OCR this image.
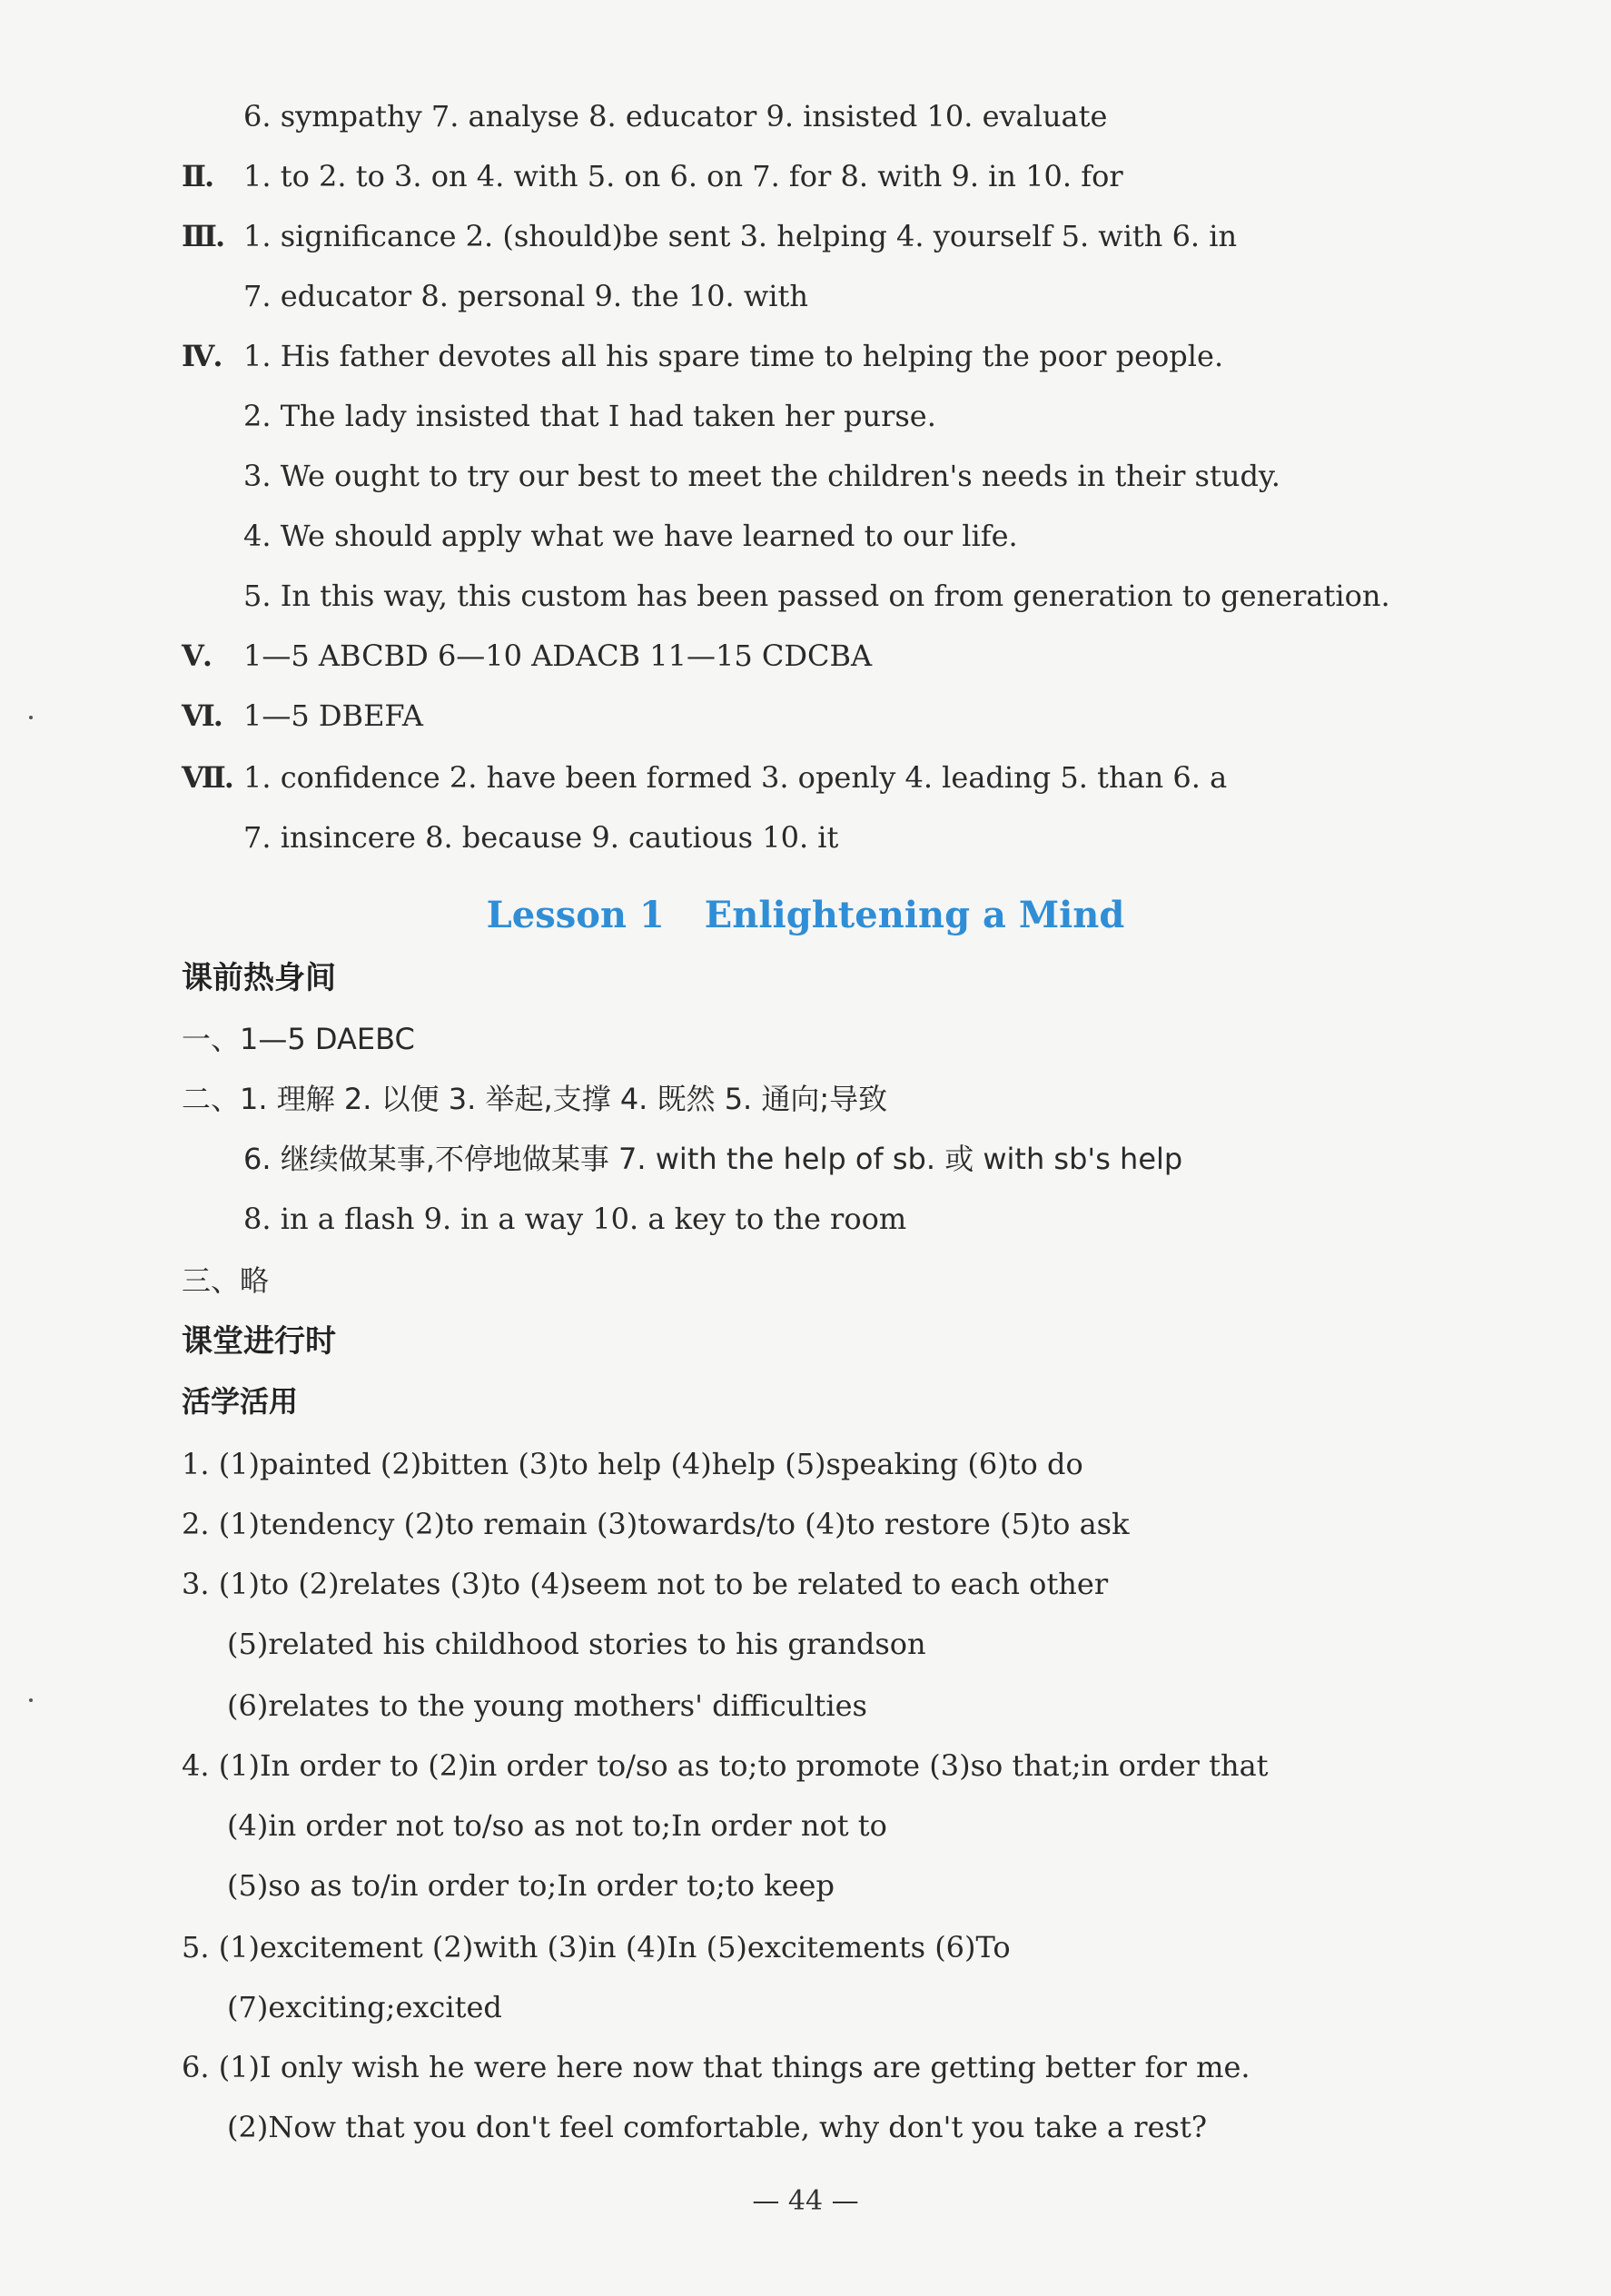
6. sympathy 7. analyse 8. educator 9. insisted 10. evaluate
Ⅱ. 1. to 2. to 3. on 4. with 5. on 6. on 7. for 8. with 9. in 10. for
Ⅲ. 1. significance 2. (should)be sent 3. helping 4. yourself 5. with 6. in
7. educator 8. personal 9. the 10. with
Ⅳ. 1. His father devotes all his spare time to helping the poor people.
2. The lady insisted that I had taken her purse.
3. We ought to try our best to meet the children's needs in their study.
4. We should apply what we have learned to our life.
5. In this way, this custom has been passed on from generation to generation.
Ⅴ. 1—5 ABCBD 6—10 ADACB 11—15 CDCBA
Ⅵ. 1—5 DBEFA
Ⅶ. 1. confidence 2. have been formed 3. openly 4. leading 5. than 6. a
7. insincere 8. because 9. cautious 10. it
Lesson 1 Enlightening a Mind
课前热身间
一、1—5 DAEBC
二、1. 理解 2. 以便 3. 举起,支撑 4. 既然 5. 通向;导致
6. 继续做某事,不停地做某事 7. with the help of sb. 或 with sb's help
8. in a flash 9. in a way 10. a key to the room
三、略
课堂进行时
活学活用
1. (1)painted (2)bitten (3)to help (4)help (5)speaking (6)to do
2. (1)tendency (2)to remain (3)towards/to (4)to restore (5)to ask
3. (1)to (2)relates (3)to (4)seem not to be related to each other
(5)related his childhood stories to his grandson
(6)relates to the young mothers' difficulties
4. (1)In order to (2)in order to/so as to;to promote (3)so that;in order that
(4)in order not to/so as not to;In order not to
(5)so as to/in order to;In order to;to keep
5. (1)excitement (2)with (3)in (4)In (5)excitements (6)To
(7)exciting;excited
6. (1)I only wish he were here now that things are getting better for me.
(2)Now that you don't feel comfortable, why don't you take a rest?
— 44 —
